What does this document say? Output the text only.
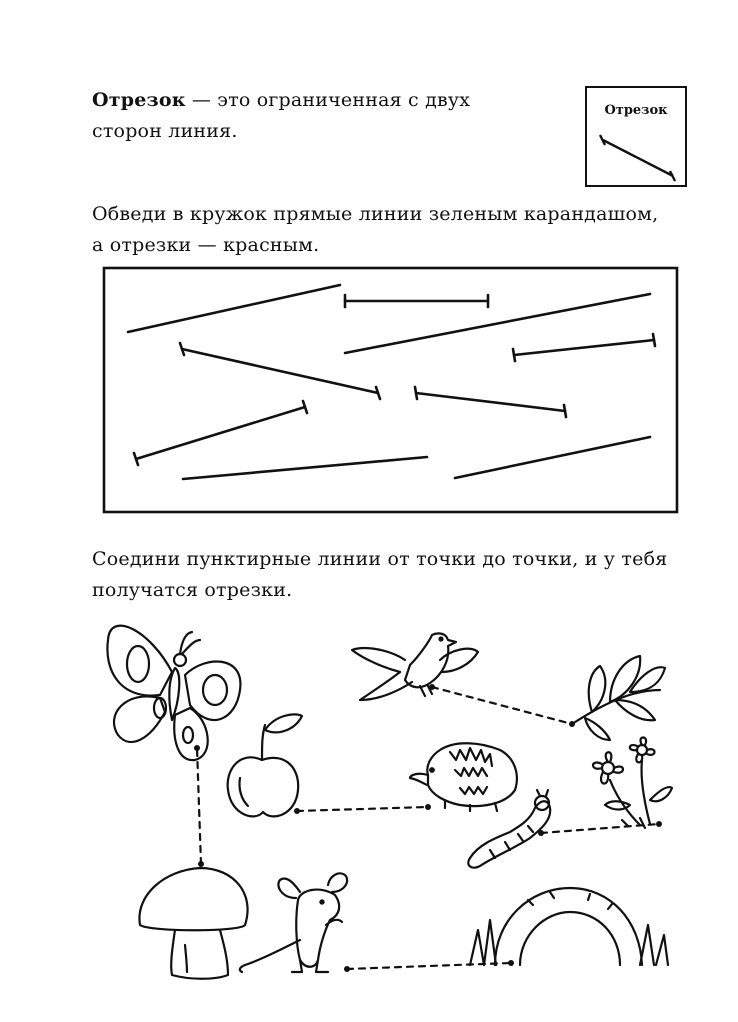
Отрезок — это ограниченная с двух
сторон линия.
Отрезок
Обведи в кружок прямые линии зеленым карандашом,
а отрезки — красным.
Соедини пунктирные линии от точки до точки, и у тебя
получатся отрезки.
